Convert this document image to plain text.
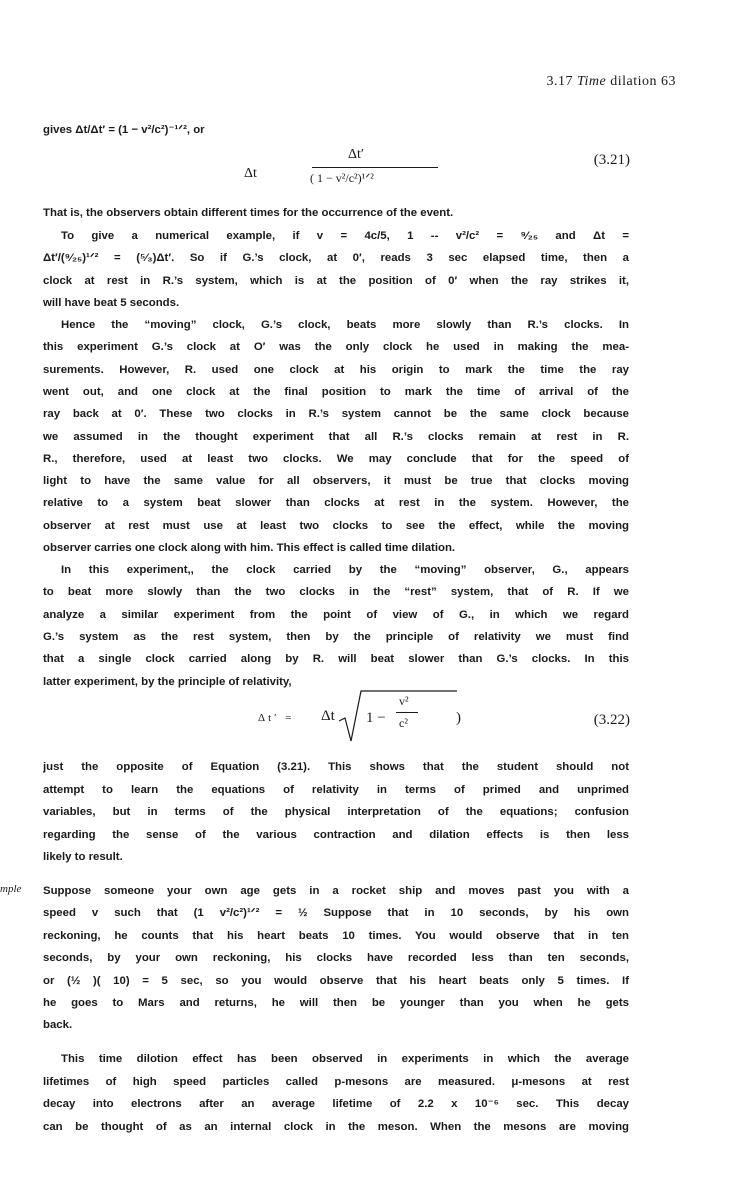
3.17 Time dilation 63
gives Δt/Δt′ = (1 − v²/c²)⁻¹ᐟ², or
Δt
Δt′
( 1 − v²/c²)¹ᐟ²
(3.21)
That is, the observers obtain different times for the occurrence of the event.
To give a numerical example, if v = 4c/5, 1 -- v²/c² = ⁹⁄₂₅ and Δt =
Δt′/(⁹⁄₂₅)¹ᐟ² = (⁵⁄₃)Δt′. So if G.’s clock, at 0′, reads 3 sec elapsed time, then a
clock at rest in R.’s system, which is at the position of 0′ when the ray strikes it,
will have beat 5 seconds.
Hence the “moving” clock, G.’s clock, beats more slowly than R.’s clocks. In
this experiment G.’s clock at O′ was the only clock he used in making the mea-
surements. However, R. used one clock at his origin to mark the time the ray
went out, and one clock at the final position to mark the time of arrival of the
ray back at 0′. These two clocks in R.’s system cannot be the same clock because
we assumed in the thought experiment that all R.’s clocks remain at rest in R.
R., therefore, used at least two clocks. We may conclude that for the speed of
light to have the same value for all observers, it must be true that clocks moving
relative to a system beat slower than clocks at rest in the system. However, the
observer at rest must use at least two clocks to see the effect, while the moving
observer carries one clock along with him. This effect is called time dilation.
In this experiment,, the clock carried by the “moving” observer, G., appears
to beat more slowly than the two clocks in the “rest” system, that of R. If we
analyze a similar experiment from the point of view of G., in which we regard
G.’s system as the rest system, then by the principle of relativity we must find
that a single clock carried along by R. will beat slower than G.’s clocks. In this
latter experiment, by the principle of relativity,
Δt′ = Δt 1 −
v²
c²	)	(3.22)
just the opposite of Equation (3.21). This shows that the student should not
attempt to learn the equations of relativity in terms of primed and unprimed
variables, but in terms of the physical interpretation of the equations; confusion
regarding the sense of the various contraction and dilation effects is then less
likely to result.
mple Suppose someone your own age gets in a rocket ship and moves past you with a
speed v such that (1 v²/c²)¹ᐟ² = ½ Suppose that in 10 seconds, by his own
reckoning, he counts that his heart beats 10 times. You would observe that in ten
seconds, by your own reckoning, his clocks have recorded less than ten seconds,
or (½ )( 10) = 5 sec, so you would observe that his heart beats only 5 times. If
he goes to Mars and returns, he will then be younger than you when he gets
back.
This time dilotion effect has been observed in experiments in which the average
lifetimes of high speed particles called p-mesons are measured. μ-mesons at rest
decay into electrons after an average lifetime of 2.2 x 10⁻⁶ sec. This decay
can be thought of as an internal clock in the meson. When the mesons are moving
